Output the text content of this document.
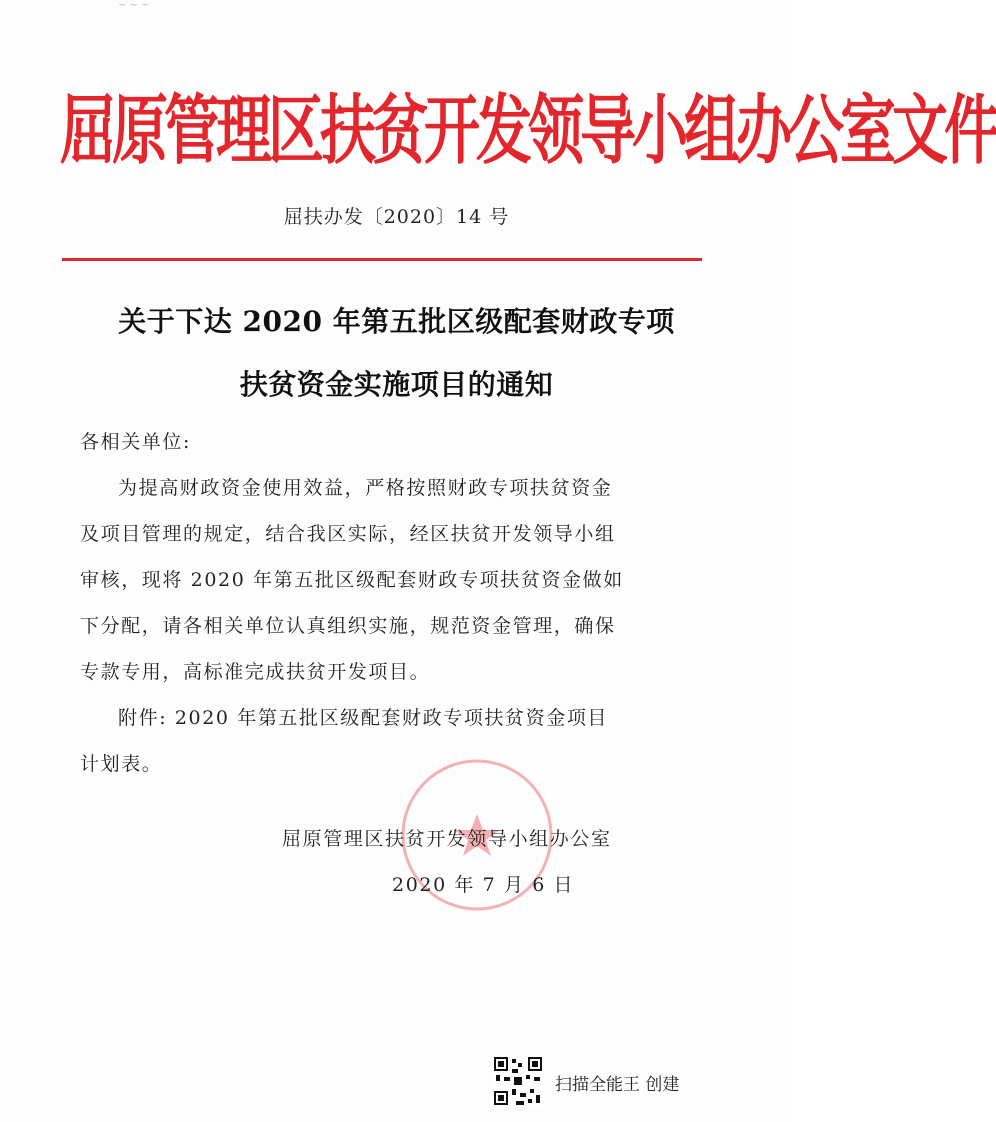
~ ~ ~
屈原管理区扶贫开发领导小组办公室文件
屈扶办发〔2020〕14 号
关于下达 2020 年第五批区级配套财政专项
扶贫资金实施项目的通知
各相关单位:
为提高财政资金使用效益，严格按照财政专项扶贫资金
及项目管理的规定，结合我区实际，经区扶贫开发领导小组
审核，现将 2020 年第五批区级配套财政专项扶贫资金做如
下分配，请各相关单位认真组织实施，规范资金管理，确保
专款专用，高标准完成扶贫开发项目。
附件: 2020 年第五批区级配套财政专项扶贫资金项目
计划表。
屈原管理区扶贫开发领导小组办公室
2020 年 7 月 6 日
扫描全能王 创建
